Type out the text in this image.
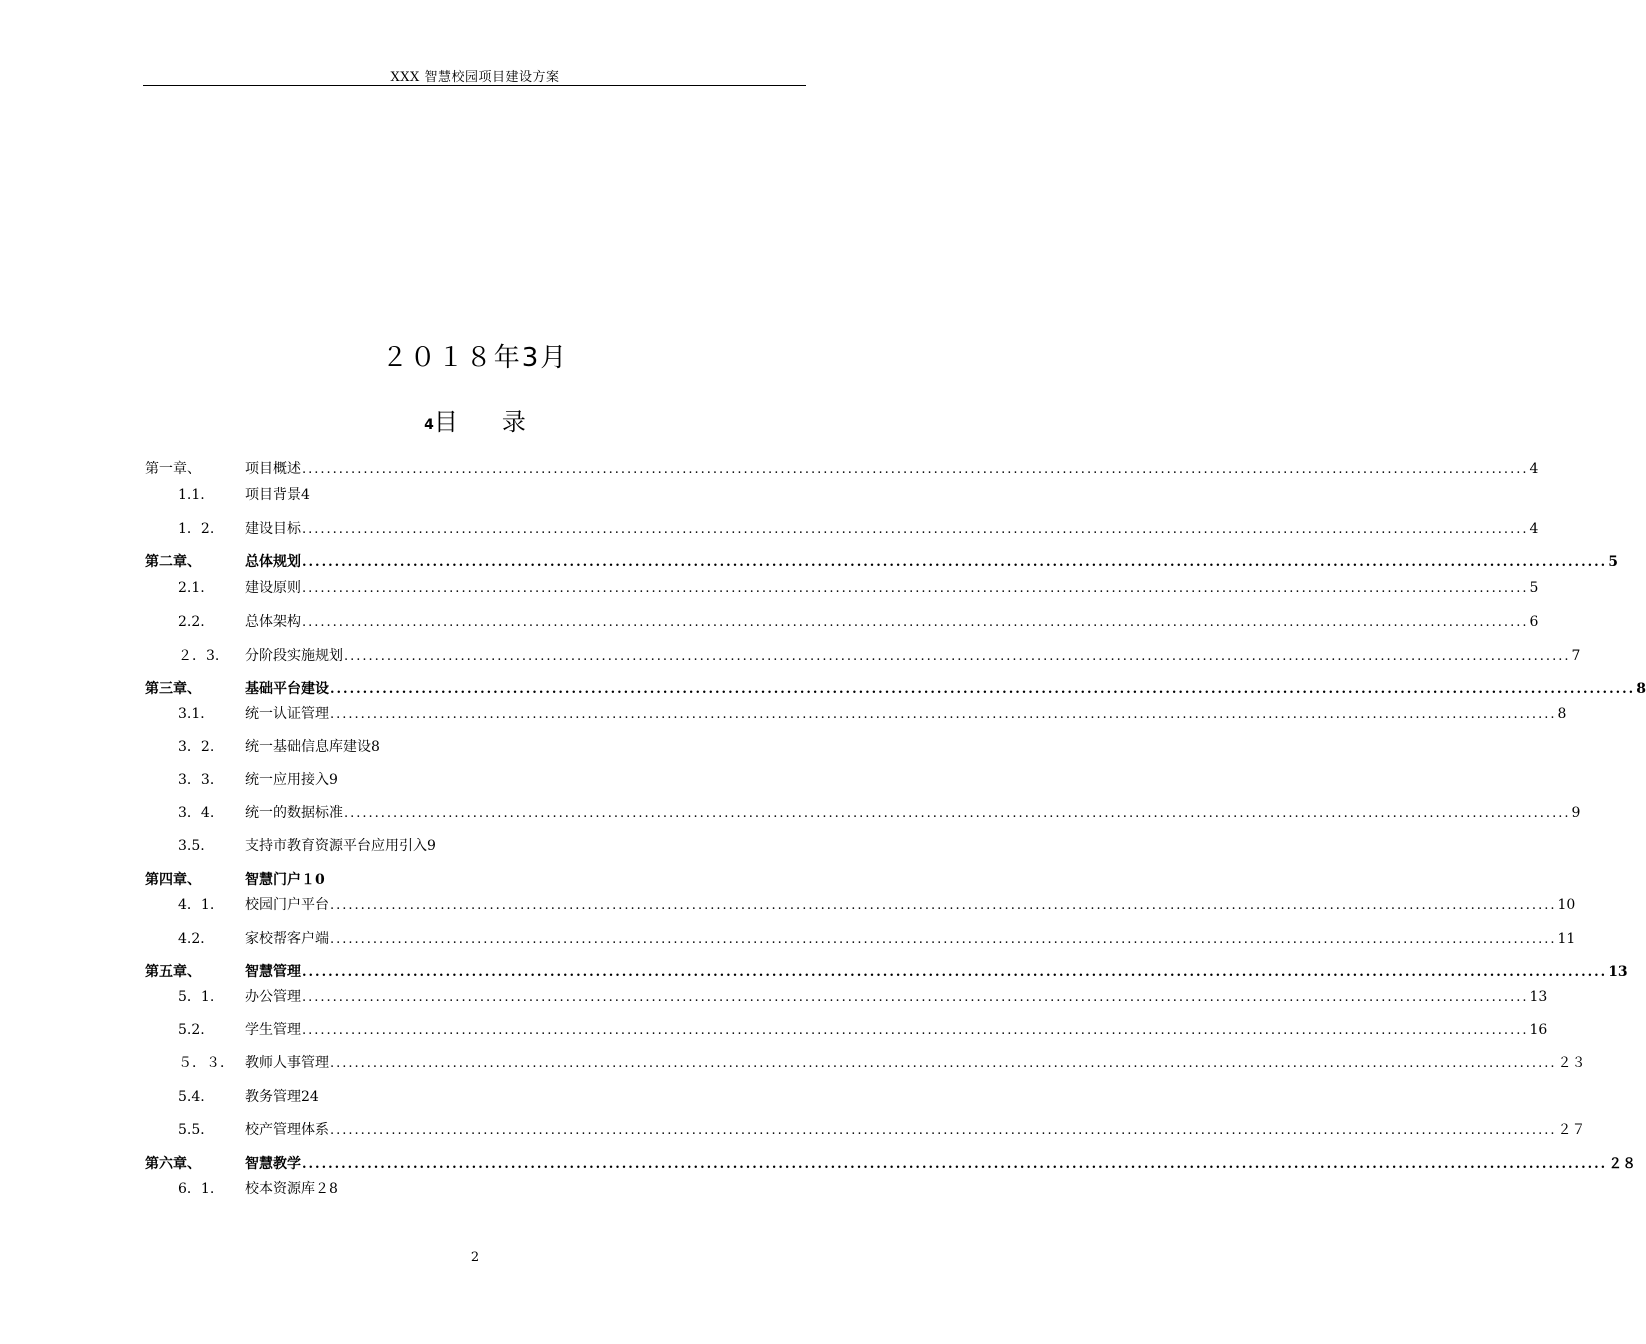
XXX 智慧校园项目建设方案
２０１８年3月
4目 录
第一章、	项目概述 ........................................................................................................................................................................................................ 4
1.1.	项目背景4
1．2.	建设目标 ........................................................................................................................................................................................................ 4
第二章、	总体规划 ........................................................................................................................................................................................................ 5
2.1.	建设原则 ........................................................................................................................................................................................................ 5
2.2.	总体架构 ........................................................................................................................................................................................................ 6
２．3.	分阶段实施规划 ........................................................................................................................................................................................................ 7
第三章、	基础平台建设 ........................................................................................................................................................................................................ 8
3.1．	统一认证管理 ........................................................................................................................................................................................................ 8
3．2.	统一基础信息库建设8
3．3．	统一应用接入9
3．4.	统一的数据标准 ........................................................................................................................................................................................................ 9
3.5.	支持市教育资源平台应用引入9
第四章、	智慧门户１0
4．1.	校园门户平台 ........................................................................................................................................................................................................ 10
4.2．	家校帮客户端 ........................................................................................................................................................................................................ 11
第五章、	智慧管理 ........................................................................................................................................................................................................ 13
5．1.	办公管理 ........................................................................................................................................................................................................ 13
5.2.	学生管理 ........................................................................................................................................................................................................ 16
５．３． 教师人事管理 ........................................................................................................................................................................................................ ２３
5.4.	教务管理24
5.5．	校产管理体系 ........................................................................................................................................................................................................ ２７
第六章、	智慧教学 ........................................................................................................................................................................................................ ２８
6．1.	校本资源库２8
2
